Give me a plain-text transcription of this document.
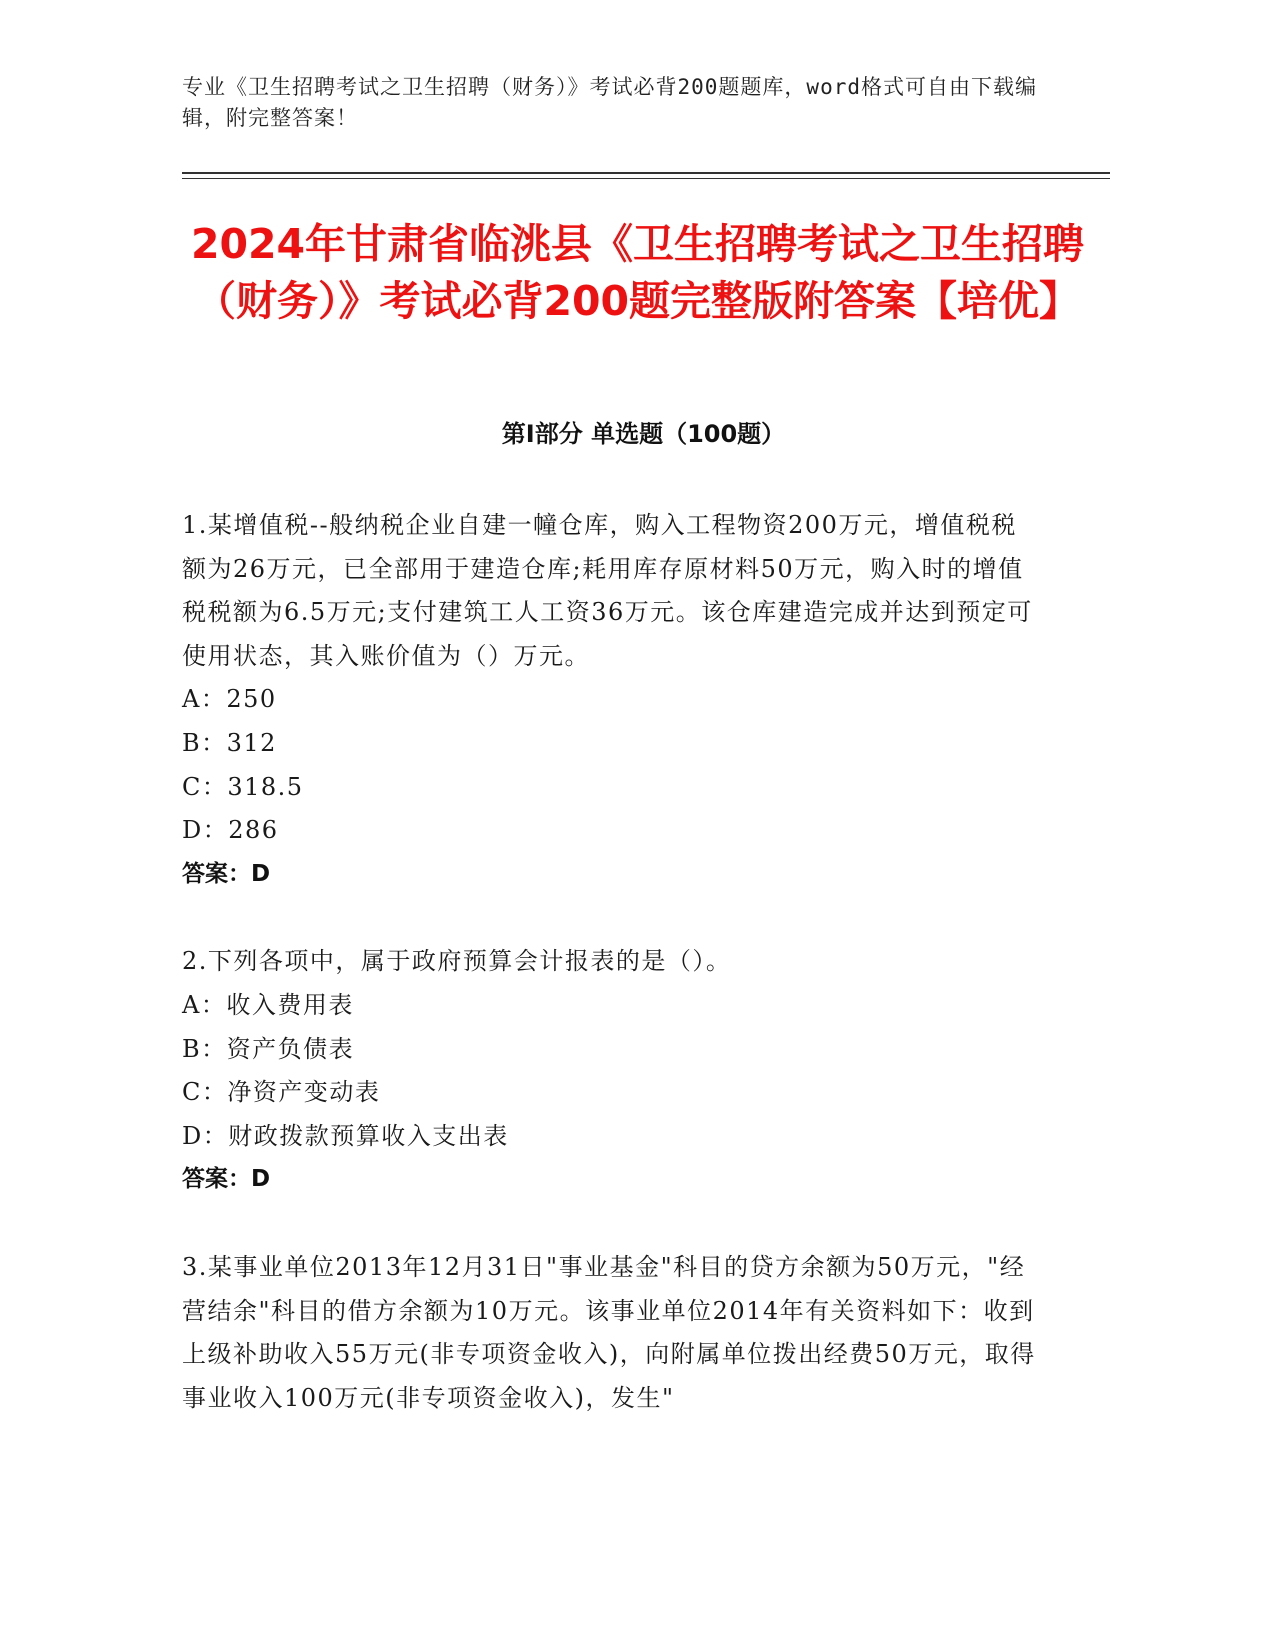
专业《卫生招聘考试之卫生招聘（财务）》考试必背200题题库，word格式可自由下载编辑，附完整答案！
2024年甘肃省临洮县《卫生招聘考试之卫生招聘（财务）》考试必背200题完整版附答案【培优】
第Ⅰ部分 单选题（100题）

1.某增值税--般纳税企业自建一幢仓库，购入工程物资200万元，增值税税额为26万元，已全部用于建造仓库;耗用库存原材料50万元，购入时的增值税税额为6.5万元;支付建筑工人工资36万元。该仓库建造完成并达到预定可使用状态，其入账价值为（）万元。

A：250

B：312

C：318.5

D：286

答案：D

2.下列各项中，属于政府预算会计报表的是（）。

A：收入费用表

B：资产负债表

C：净资产变动表

D：财政拨款预算收入支出表

答案：D

3.某事业单位2013年12月31日"事业基金"科目的贷方余额为50万元，"经营结余"科目的借方余额为10万元。该事业单位2014年有关资料如下：收到上级补助收入55万元(非专项资金收入)，向附属单位拨出经费50万元，取得事业收入100万元(非专项资金收入)，发生"
